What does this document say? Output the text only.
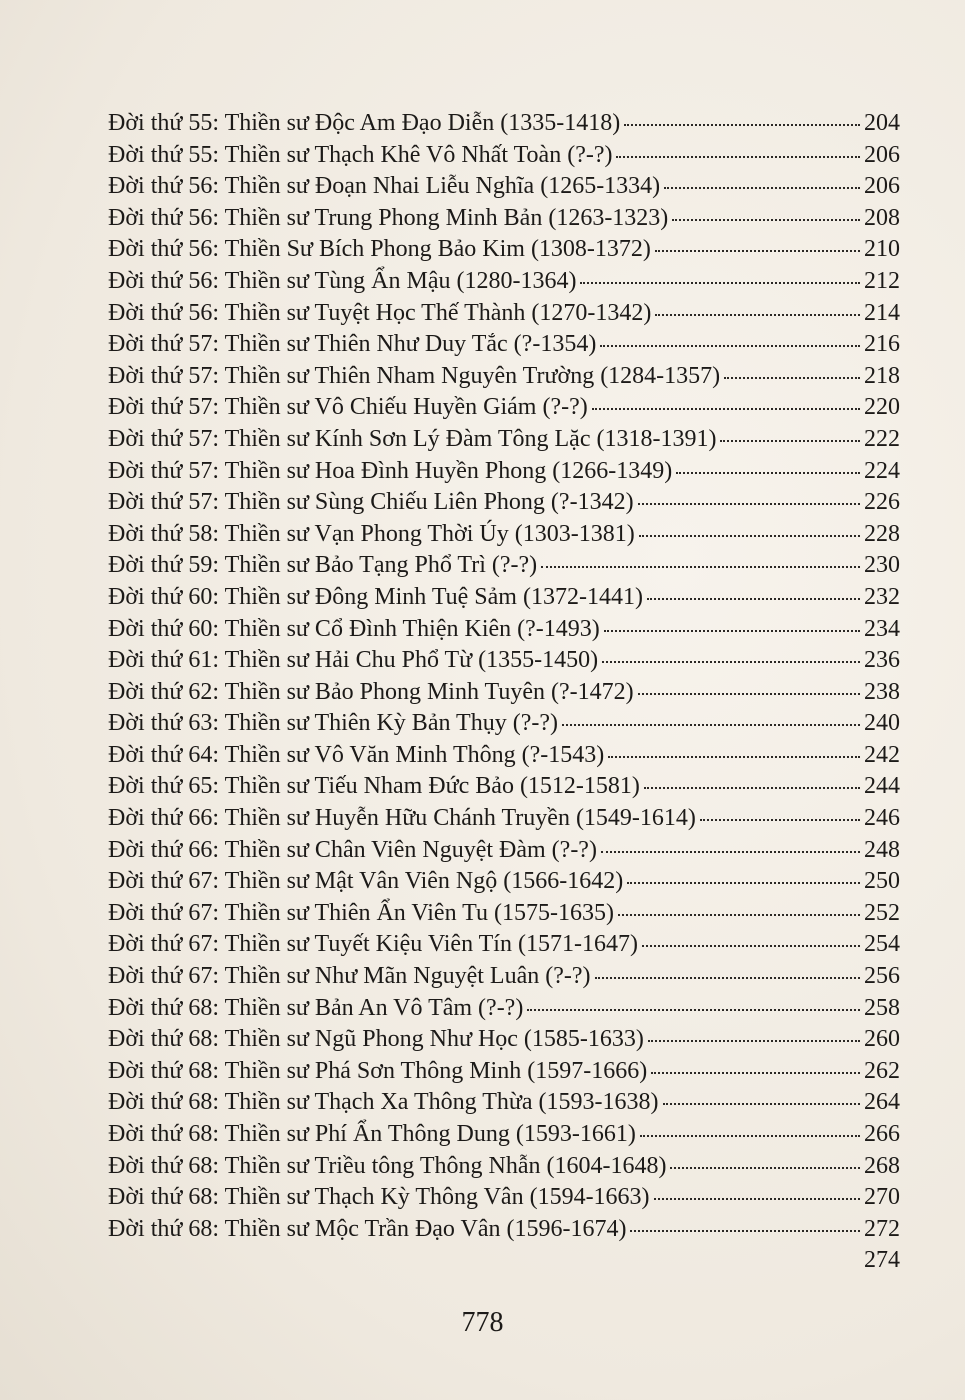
Đời thứ 55: Thiền sư Độc Am Đạo Diễn (1335-1418)	204
Đời thứ 55: Thiền sư Thạch Khê Vô Nhất Toàn (?-?)	206
Đời thứ 56: Thiền sư Đoạn Nhai Liễu Nghĩa (1265-1334)	206
Đời thứ 56: Thiền sư Trung Phong Minh Bản (1263-1323)	208
Đời thứ 56: Thiền Sư Bích Phong Bảo Kim (1308-1372)	210
Đời thứ 56: Thiền sư Tùng Ẩn Mậu (1280-1364)	212
Đời thứ 56: Thiền sư Tuyệt Học Thế Thành (1270-1342)	214
Đời thứ 57: Thiền sư Thiên Như Duy Tắc (?-1354)	216
Đời thứ 57: Thiền sư Thiên Nham Nguyên Trường (1284-1357)	218
Đời thứ 57: Thiền sư Vô Chiếu Huyền Giám (?-?)	220
Đời thứ 57: Thiền sư Kính Sơn Lý Đàm Tông Lặc (1318-1391)	222
Đời thứ 57: Thiền sư Hoa Đình Huyền Phong (1266-1349)	224
Đời thứ 57: Thiền sư Sùng Chiếu Liên Phong (?-1342)	226
Đời thứ 58: Thiền sư Vạn Phong Thời Úy (1303-1381)	228
Đời thứ 59: Thiền sư Bảo Tạng Phổ Trì (?-?)	230
Đời thứ 60: Thiền sư Đông Minh Tuệ Sảm (1372-1441)	232
Đời thứ 60: Thiền sư Cổ Đình Thiện Kiên (?-1493)	234
Đời thứ 61: Thiền sư Hải Chu Phổ Từ (1355-1450)	236
Đời thứ 62: Thiền sư Bảo Phong Minh Tuyên (?-1472)	238
Đời thứ 63: Thiền sư Thiên Kỳ Bản Thụy (?-?)	240
Đời thứ 64: Thiền sư Vô Văn Minh Thông (?-1543)	242
Đời thứ 65: Thiền sư Tiếu Nham Đức Bảo (1512-1581)	244
Đời thứ 66: Thiền sư Huyễn Hữu Chánh Truyền (1549-1614)	246
Đời thứ 66: Thiền sư Chân Viên Nguyệt Đàm (?-?)	248
Đời thứ 67: Thiền sư Mật Vân Viên Ngộ (1566-1642)	250
Đời thứ 67: Thiền sư Thiên Ẩn Viên Tu (1575-1635)	252
Đời thứ 67: Thiền sư Tuyết Kiệu Viên Tín (1571-1647)	254
Đời thứ 67: Thiền sư Như Mãn Nguyệt Luân (?-?)	256
Đời thứ 68: Thiền sư Bản An Vô Tâm (?-?)	258
Đời thứ 68: Thiền sư Ngũ Phong Như Học (1585-1633)	260
Đời thứ 68: Thiền sư Phá Sơn Thông Minh (1597-1666)	262
Đời thứ 68: Thiền sư Thạch Xa Thông Thừa (1593-1638)	264
Đời thứ 68: Thiền sư Phí Ẩn Thông Dung (1593-1661)	266
Đời thứ 68: Thiền sư Triều tông Thông Nhẫn (1604-1648)	268
Đời thứ 68: Thiền sư Thạch Kỳ Thông Vân (1594-1663)	270
Đời thứ 68: Thiền sư Mộc Trần Đạo Vân (1596-1674)	272
274
778
